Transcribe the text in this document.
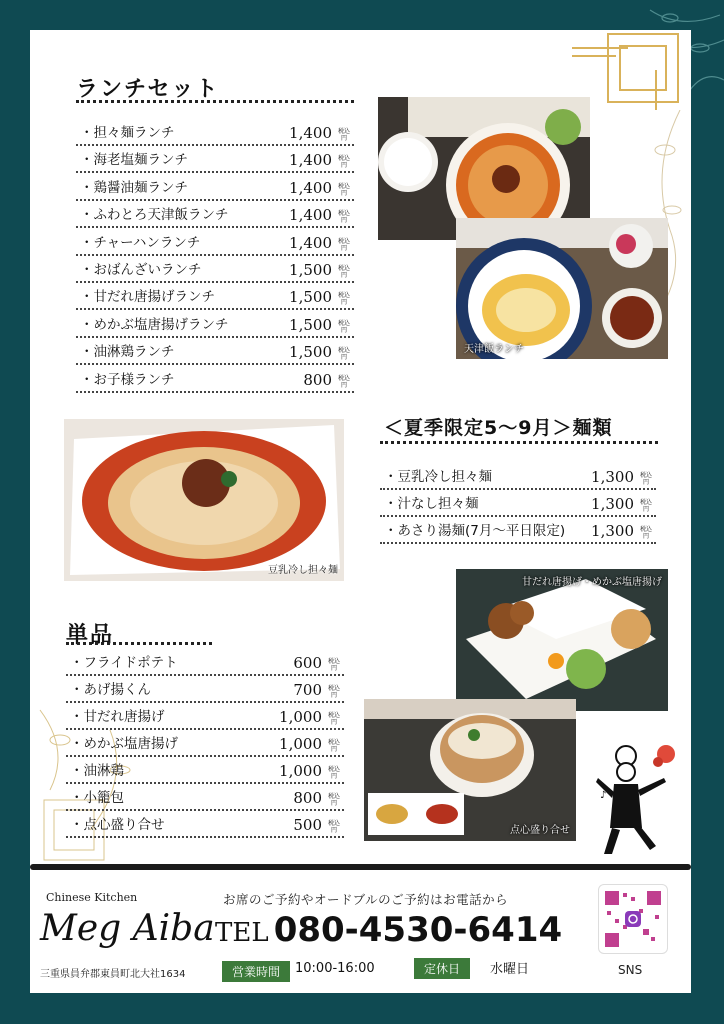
ランチセット
・担々麺ランチ	1,400 税込
円
・海老塩麺ランチ	1,400 税込
円
・鶏醤油麺ランチ	1,400 税込
円
・ふわとろ天津飯ランチ	1,400 税込
円
・チャーハンランチ	1,400 税込
円
・おばんざいランチ	1,500 税込
円
・甘だれ唐揚げランチ	1,500 税込
円
・めかぶ塩唐揚げランチ	1,500 税込
円
・油淋鶏ランチ	1,500 税込
円
・お子様ランチ	800 税込
円
天津飯ランチ
豆乳冷し担々麺
＜夏季限定5〜9月＞麺類
・豆乳冷し担々麺	1,300 税込
円
・汁なし担々麺	1,300 税込
円
・あさり湯麺(7月〜平日限定) 1,300 税込
円
甘だれ唐揚げ・めかぶ塩唐揚げ
単品
・フライドポテト	600 税込
円
・あげ揚くん	700 税込
円
・甘だれ唐揚げ	1,000 税込
円
・めかぶ塩唐揚げ	1,000 税込
円
・油淋鶏	1,000 税込
円
・小籠包	800 税込
円
・点心盛り合せ	500 税込
円	点心盛り合せ
♪
Chinese Kitchen
Meg Aiba
三重県員弁郡東員町北大社1634
お席のご予約やオードブルのご予約はお電話から
TEL 080-4530-6414
営業時間	10:00-16:00	定休日	水曜日	SNS
